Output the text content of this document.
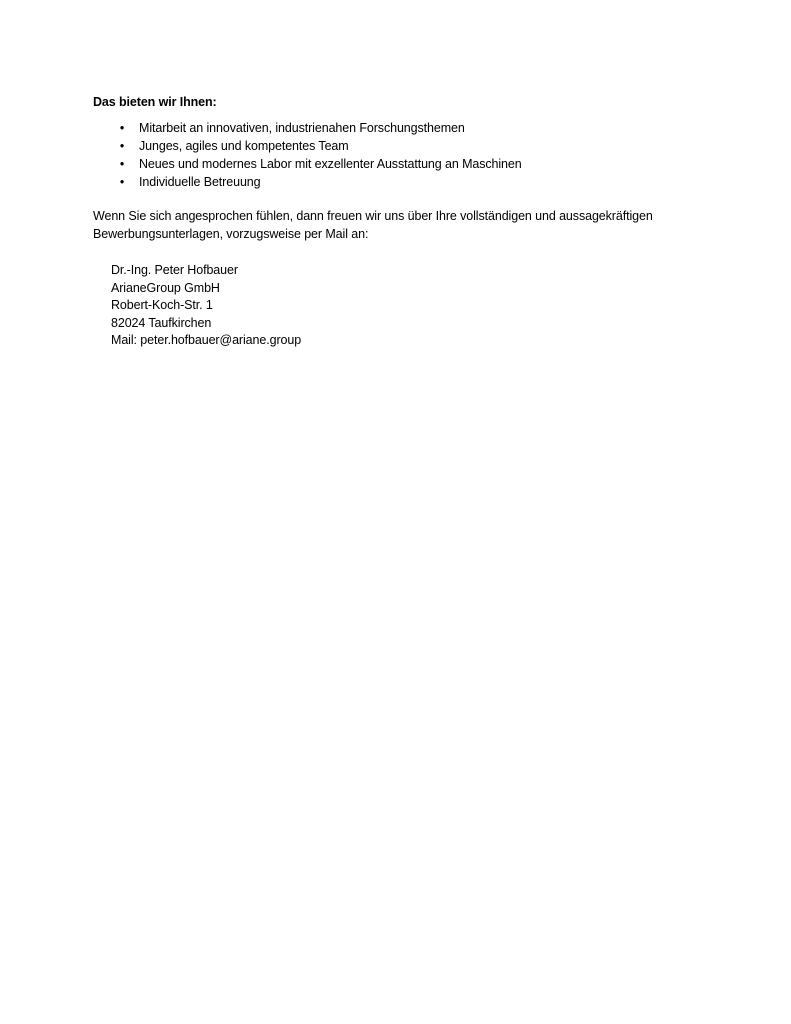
Das bieten wir Ihnen:
• Mitarbeit an innovativen, industrienahen Forschungsthemen
• Junges, agiles und kompetentes Team
• Neues und modernes Labor mit exzellenter Ausstattung an Maschinen
• Individuelle Betreuung
Wenn Sie sich angesprochen fühlen, dann freuen wir uns über Ihre vollständigen und aussagekräftigen
Bewerbungsunterlagen, vorzugsweise per Mail an:
Dr.-Ing. Peter Hofbauer
ArianeGroup GmbH
Robert-Koch-Str. 1
82024 Taufkirchen
Mail: peter.hofbauer@ariane.group
